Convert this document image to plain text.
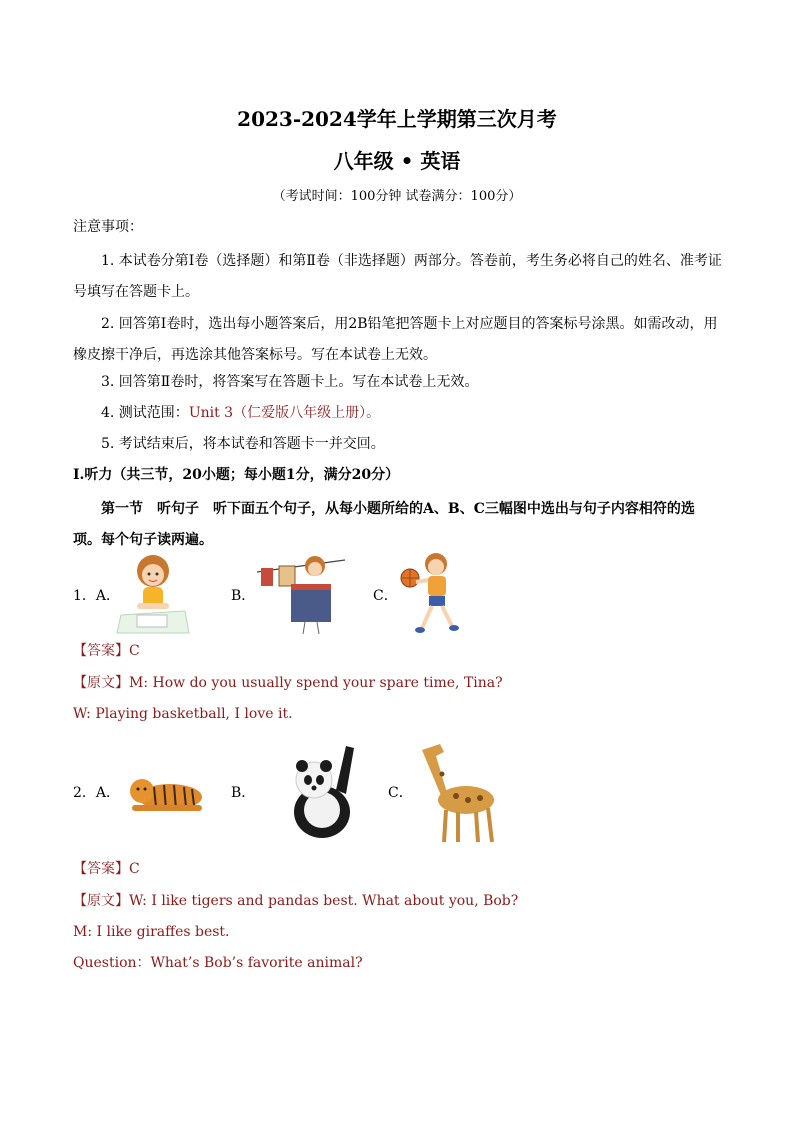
2023-2024学年上学期第三次月考
八年级 • 英语
（考试时间：100分钟 试卷满分：100分）
注意事项：
1. 本试卷分第Ⅰ卷（选择题）和第Ⅱ卷（非选择题）两部分。答卷前，考生务必将自己的姓名、准考证号填写在答题卡上。
2. 回答第Ⅰ卷时，选出每小题答案后，用2B铅笔把答题卡上对应题目的答案标号涂黑。如需改动，用橡皮擦干净后，再选涂其他答案标号。写在本试卷上无效。
3. 回答第Ⅱ卷时，将答案写在答题卡上。写在本试卷上无效。
4. 测试范围：Unit 3（仁爱版八年级上册）。
5. 考试结束后，将本试卷和答题卡一并交回。
Ⅰ.听力（共三节，20小题；每小题1分，满分20分）
第一节　听句子　听下面五个句子，从每小题所给的A、B、C三幅图中选出与句子内容相符的选项。每个句子读两遍。
1．A．	B．	C．
【答案】C
【原文】M: How do you usually spend your spare time, Tina?
W: Playing basketball, I love it.
2．A．	B．	C．
【答案】C
【原文】W: I like tigers and pandas best. What about you, Bob?
M: I like giraffes best.
Question：What’s Bob’s favorite animal?
